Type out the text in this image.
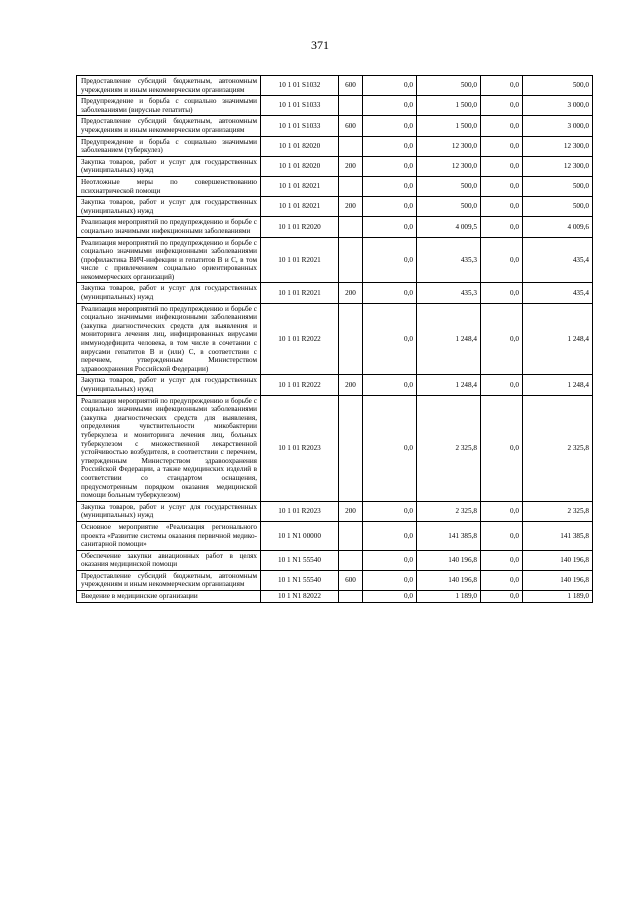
371
Предоставление субсидий бюджетным, автономным учреждениям и иным некоммерческим организациям	10 1 01 S1032	600	0,0	500,0	0,0	500,0
Предупреждение и борьба с социально значимыми заболеваниями (вирусные гепатиты)	10 1 01 S1033		0,0	1 500,0	0,0	3 000,0
Предоставление субсидий бюджетным, автономным учреждениям и иным некоммерческим организациям	10 1 01 S1033	600	0,0	1 500,0	0,0	3 000,0
Предупреждение и борьба с социально значимыми заболеванием (туберкулез)	10 1 01 82020		0,0	12 300,0	0,0	12 300,0
Закупка товаров, работ и услуг для государственных (муниципальных) нужд	10 1 01 82020	200	0,0	12 300,0	0,0	12 300,0
Неотложные меры по совершенствованию психиатрической помощи	10 1 01 82021		0,0	500,0	0,0	500,0
Закупка товаров, работ и услуг для государственных (муниципальных) нужд	10 1 01 82021	200	0,0	500,0	0,0	500,0
Реализация мероприятий по предупреждению и борьбе с социально значимыми инфекционными заболеваниями	10 1 01 R2020		0,0	4 009,5	0,0	4 009,6
Реализация мероприятий по предупреждению и борьбе с социально значимыми инфекционными заболеваниями (профилактика ВИЧ-инфекции и гепатитов В и С, в том числе с привлечением социально ориентированных некоммерческих организаций)	10 1 01 R2021		0,0	435,3	0,0	435,4
Закупка товаров, работ и услуг для государственных (муниципальных) нужд	10 1 01 R2021	200	0,0	435,3	0,0	435,4
Реализация мероприятий по предупреждению и борьбе с социально значимыми инфекционными заболеваниями (закупка диагностических средств для выявления и мониторинга лечения лиц, инфицированных вирусами иммунодефицита человека, в том числе в сочетании с вирусами гепатитов В и (или) С, в соответствии с перечнем, утвержденным Министерством здравоохранения Российской Федерации)	10 1 01 R2022		0,0	1 248,4	0,0	1 248,4
Закупка товаров, работ и услуг для государственных (муниципальных) нужд	10 1 01 R2022	200	0,0	1 248,4	0,0	1 248,4
Реализация мероприятий по предупреждению и борьбе с социально значимыми инфекционными заболеваниями (закупка диагностических средств для выявления, определения чувствительности микобактерии туберкулеза и мониторинга лечения лиц, больных туберкулезом с множественной лекарственной устойчивостью возбудителя, в соответствии с перечнем, утвержденным Министерством здравоохранения Российской Федерации, а также медицинских изделий в соответствии со стандартом оснащения, предусмотренным порядком оказания медицинской помощи больным туберкулезом)	10 1 01 R2023		0,0	2 325,8	0,0	2 325,8
Закупка товаров, работ и услуг для государственных (муниципальных) нужд	10 1 01 R2023	200	0,0	2 325,8	0,0	2 325,8
Основное мероприятие «Реализация регионального проекта «Развитие системы оказания первичной медико-санитарной помощи»	10 1 N1 00000		0,0	141 385,8	0,0	141 385,8
Обеспечение закупки авиационных работ в целях оказания медицинской помощи	10 1 N1 55540		0,0	140 196,8	0,0	140 196,8
Предоставление субсидий бюджетным, автономным учреждениям и иным некоммерческим организациям	10 1 N1 55540	600	0,0	140 196,8	0,0	140 196,8
Введение в медицинские организации	10 1 N1 82022		0,0	1 189,0	0,0	1 189,0
